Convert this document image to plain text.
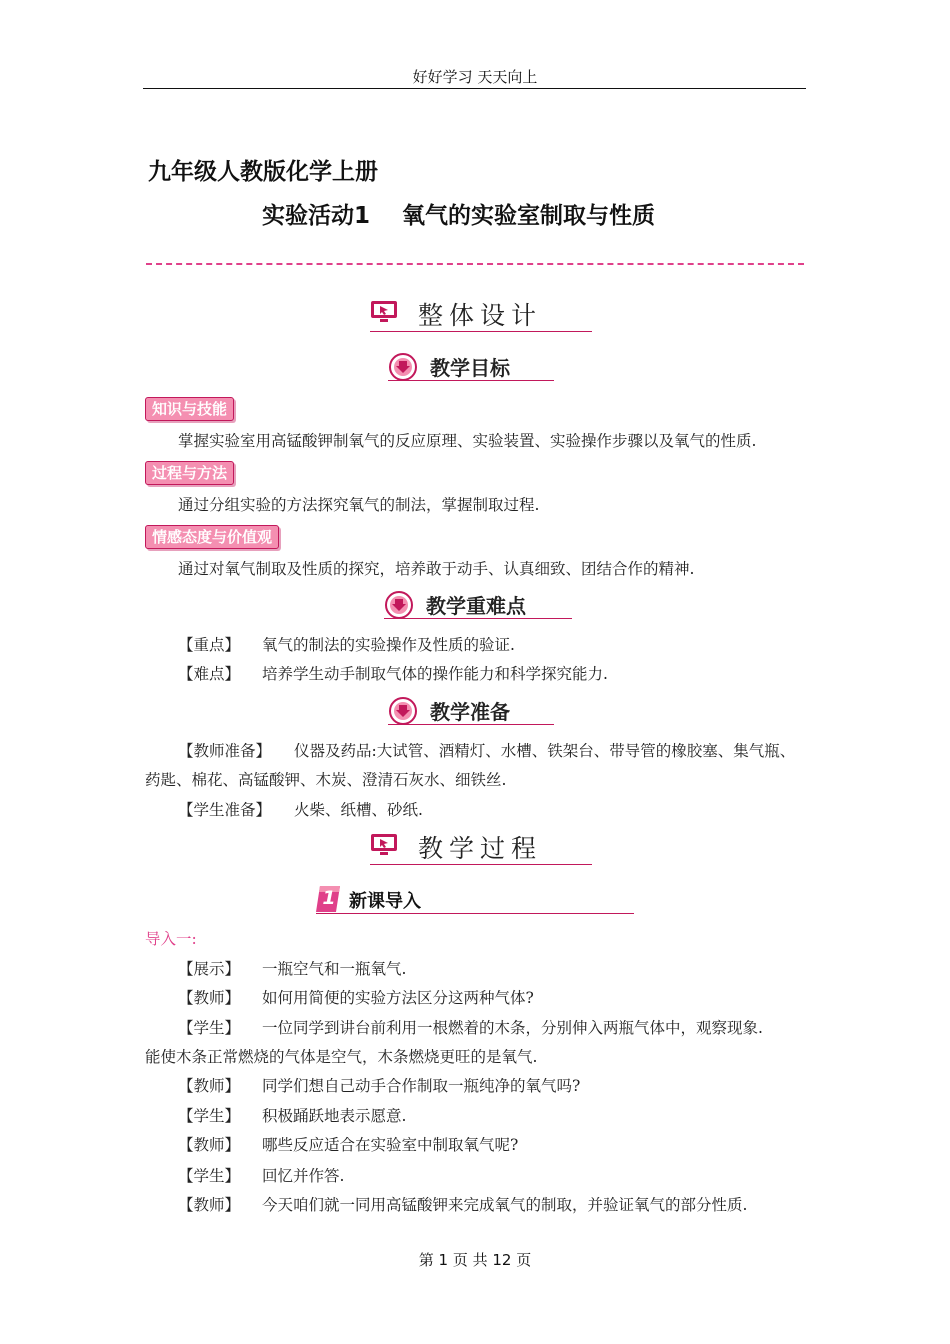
好好学习 天天向上
九年级人教版化学上册
实验活动1    氧气的实验室制取与性质
整体设计
教学目标
知识与技能
掌握实验室用高锰酸钾制氧气的反应原理、实验装置、实验操作步骤以及氧气的性质.
过程与方法
通过分组实验的方法探究氧气的制法，掌握制取过程.
情感态度与价值观
通过对氧气制取及性质的探究，培养敢于动手、认真细致、团结合作的精神.
教学重难点
【重点】 氧气的制法的实验操作及性质的验证.
【难点】 培养学生动手制取气体的操作能力和科学探究能力.
教学准备
【教师准备】 仪器及药品:大试管、酒精灯、水槽、铁架台、带导管的橡胶塞、集气瓶、药匙、棉花、高锰酸钾、木炭、澄清石灰水、细铁丝.
【学生准备】 火柴、纸槽、砂纸.
教学过程
1 新课导入
导入一:
【展示】 一瓶空气和一瓶氧气.
【教师】 如何用简便的实验方法区分这两种气体?
【学生】 一位同学到讲台前利用一根燃着的木条，分别伸入两瓶气体中，观察现象.
能使木条正常燃烧的气体是空气，木条燃烧更旺的是氧气.
【教师】 同学们想自己动手合作制取一瓶纯净的氧气吗?
【学生】 积极踊跃地表示愿意.
【教师】 哪些反应适合在实验室中制取氧气呢?
【学生】 回忆并作答.
【教师】 今天咱们就一同用高锰酸钾来完成氧气的制取，并验证氧气的部分性质.
第 1 页 共 12 页
